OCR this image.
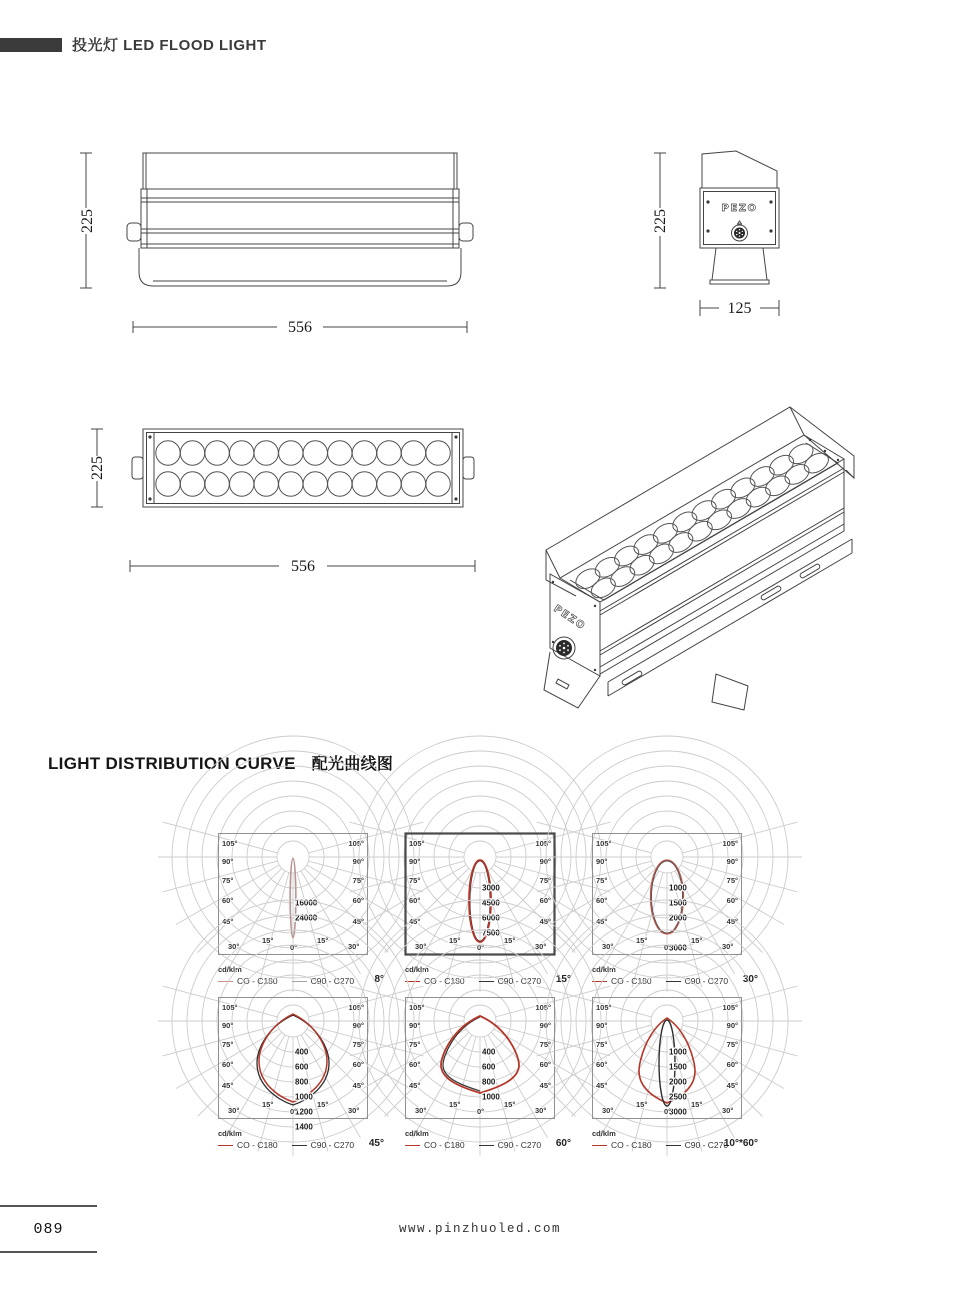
投光灯 LED FLOOD LIGHT
225
556
PEZO
225
125
225
556
PEZO
LIGHT DISTRIBUTION CURVE 配光曲线图
16000
24000
105°	105°
90°	90°
75°	75°
60°	60°
45°	45°
30°
15°
0°
15°
30°
cd/klm
CO - C180	C90 - C270 8°
3000
4500
6000
7500
105°	105°
90°	90°
75°	75°
60°	60°
45°	45°
30°
15°
0°
15°
30°
cd/klm
CO - C180	C90 - C270 15°
1000
1500
2000
3000
105°	105°
90°	90°
75°	75°
60°	60°
45°	45°
30°
15°
0°
15°
30°
cd/klm
CO - C180	C90 - C270 30°
400
600
800
1000
1200
1400
105°	105°
90°	90°
75°	75°
60°	60°
45°	45°
30°
15°
0°
15°
30°
cd/klm
CO - C180	C90 - C270 45°
400
600
800
1000
105°	105°
90°	90°
75°	75°
60°	60°
45°	45°
30°
15°
0°
15°
30°
cd/klm
CO - C180	C90 - C270 60°
1000
1500
2000
2500
3000
105°	105°
90°	90°
75°	75°
60°	60°
45°	45°
30°
15°
0°
15°
30°
cd/klm
CO - C180	C90 - C270
10°*60°
089	www.pinzhuoled.com
